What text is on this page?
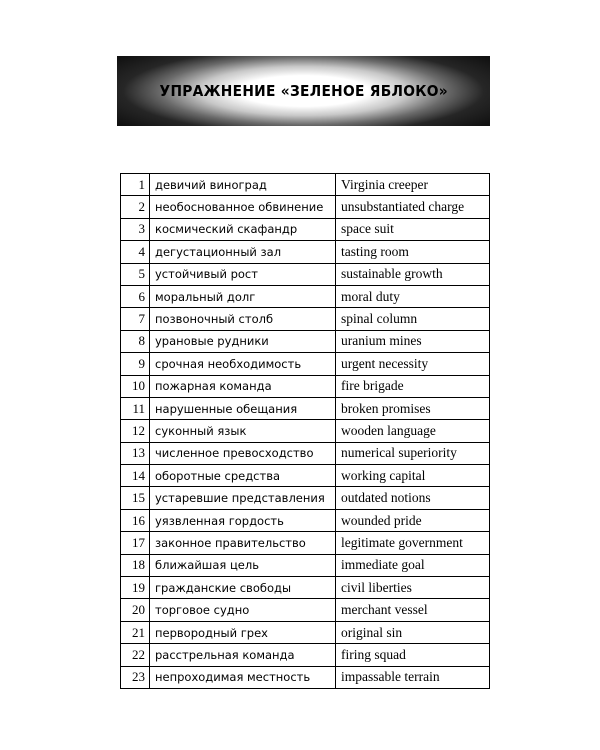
УПРАЖНЕНИЕ «ЗЕЛЕНОЕ ЯБЛОКО»
1	девичий виноград	Virginia creeper
2	необоснованное обвинение	unsubstantiated charge
3	космический скафандр	space suit
4	дегустационный зал	tasting room
5	устойчивый рост	sustainable growth
6	моральный долг	moral duty
7	позвоночный столб	spinal column
8	урановые рудники	uranium mines
9	срочная необходимость	urgent necessity
10	пожарная команда	fire brigade
11	нарушенные обещания	broken promises
12	суконный язык	wooden language
13	численное превосходство	numerical superiority
14	оборотные средства	working capital
15	устаревшие представления	outdated notions
16	уязвленная гордость	wounded pride
17	законное правительство	legitimate government
18	ближайшая цель	immediate goal
19	гражданские свободы	civil liberties
20	торговое судно	merchant vessel
21	первородный грех	original sin
22	расстрельная команда	firing squad
23	непроходимая местность	impassable terrain
